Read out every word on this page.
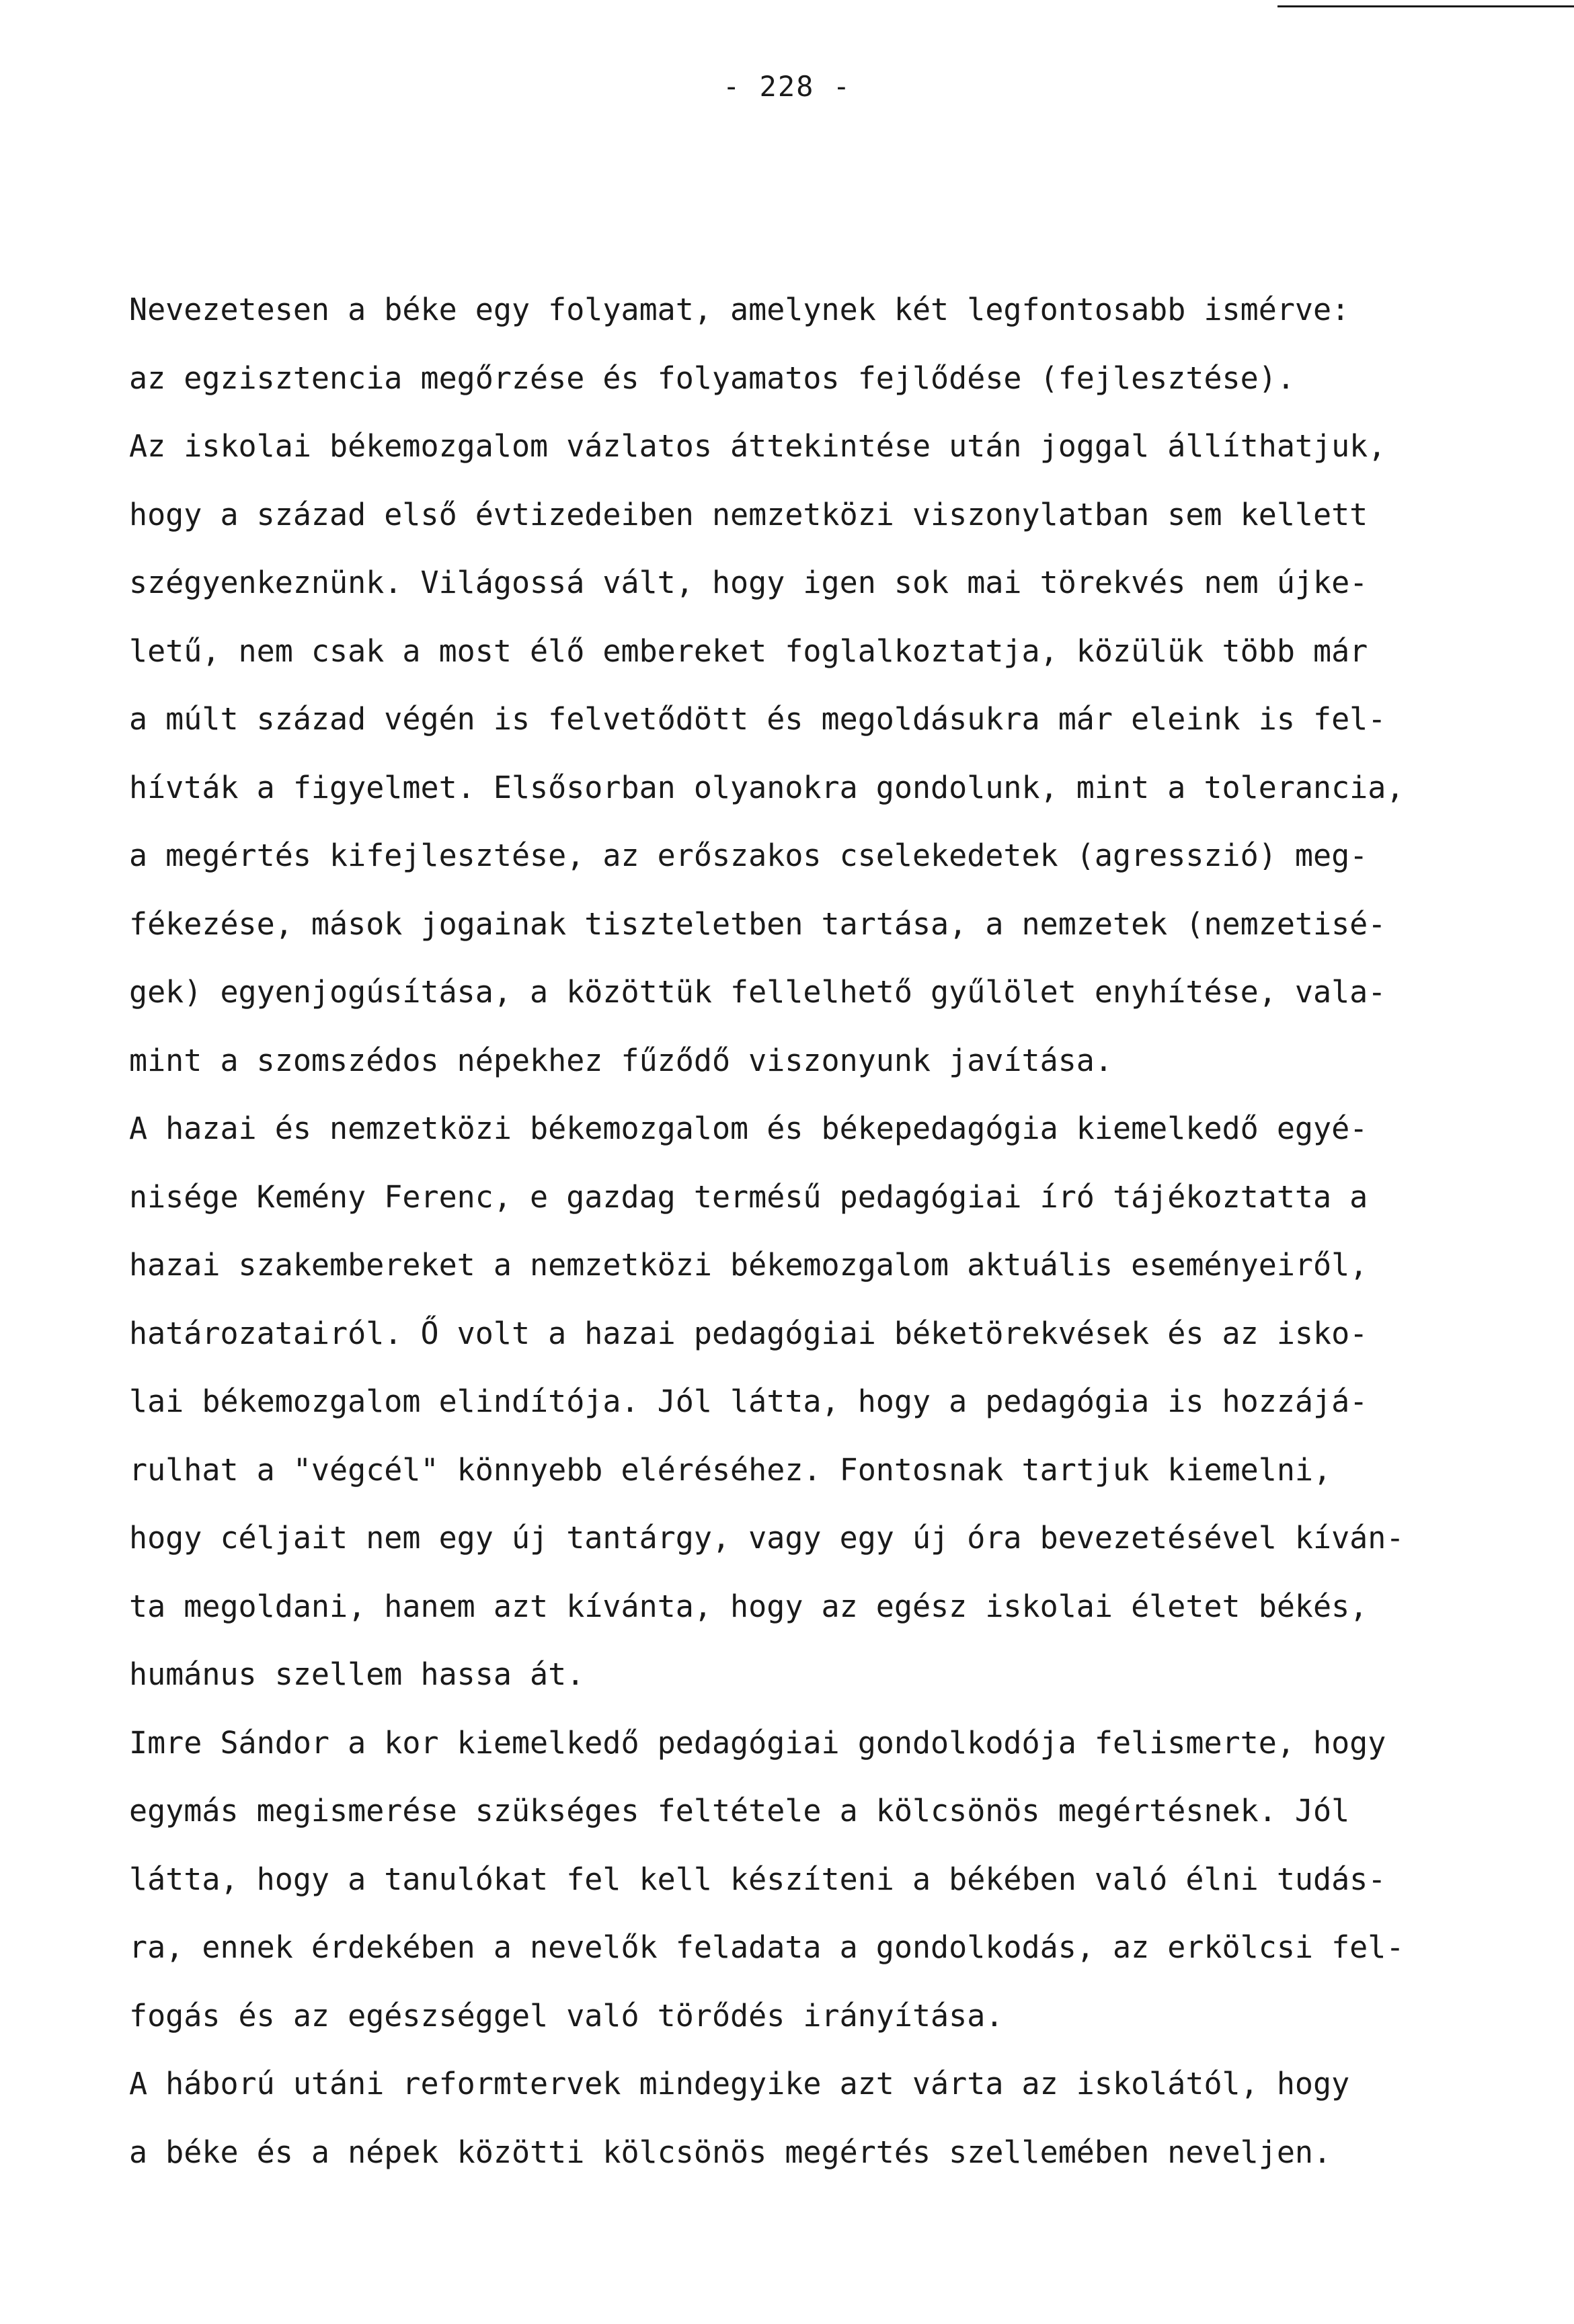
- 228 -
Nevezetesen a béke egy folyamat, amelynek két legfontosabb ismérve:
az egzisztencia megőrzése és folyamatos fejlődése (fejlesztése).
Az iskolai békemozgalom vázlatos áttekintése után joggal állíthatjuk,
hogy a század első évtizedeiben nemzetközi viszonylatban sem kellett
szégyenkeznünk. Világossá vált, hogy igen sok mai törekvés nem újke-
letű, nem csak a most élő embereket foglalkoztatja, közülük több már
a múlt század végén is felvetődött és megoldásukra már eleink is fel-
hívták a figyelmet. Elsősorban olyanokra gondolunk, mint a tolerancia,
a megértés kifejlesztése, az erőszakos cselekedetek (agresszió) meg-
fékezése, mások jogainak tiszteletben tartása, a nemzetek (nemzetisé-
gek) egyenjogúsítása, a közöttük fellelhető gyűlölet enyhítése, vala-
mint a szomszédos népekhez fűződő viszonyunk javítása.
A hazai és nemzetközi békemozgalom és békepedagógia kiemelkedő egyé-
nisége Kemény Ferenc, e gazdag termésű pedagógiai író tájékoztatta a
hazai szakembereket a nemzetközi békemozgalom aktuális eseményeiről,
határozatairól. Ő volt a hazai pedagógiai béketörekvések és az isko-
lai békemozgalom elindítója. Jól látta, hogy a pedagógia is hozzájá-
rulhat a "végcél" könnyebb eléréséhez. Fontosnak tartjuk kiemelni,
hogy céljait nem egy új tantárgy, vagy egy új óra bevezetésével kíván-
ta megoldani, hanem azt kívánta, hogy az egész iskolai életet békés,
humánus szellem hassa át.
Imre Sándor a kor kiemelkedő pedagógiai gondolkodója felismerte, hogy
egymás megismerése szükséges feltétele a kölcsönös megértésnek. Jól
látta, hogy a tanulókat fel kell készíteni a békében való élni tudás-
ra, ennek érdekében a nevelők feladata a gondolkodás, az erkölcsi fel-
fogás és az egészséggel való törődés irányítása.
A háború utáni reformtervek mindegyike azt várta az iskolától, hogy
a béke és a népek közötti kölcsönös megértés szellemében neveljen.
